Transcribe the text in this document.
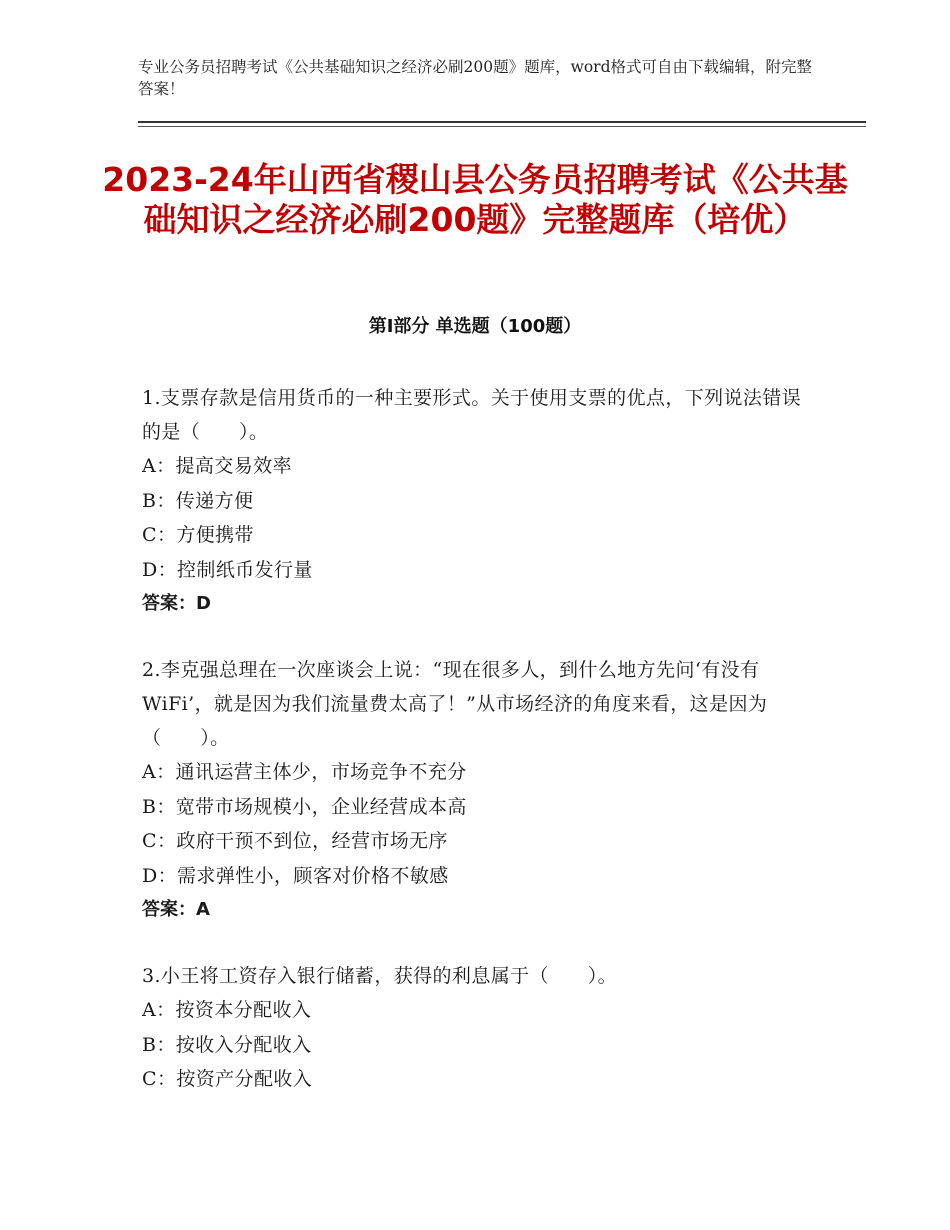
专业公务员招聘考试《公共基础知识之经济必刷200题》题库，word格式可自由下载编辑，附完整答案！
2023-24年山西省稷山县公务员招聘考试《公共基础知识之经济必刷200题》完整题库（培优）
第Ⅰ部分 单选题（100题）
1.支票存款是信用货币的一种主要形式。关于使用支票的优点，下列说法错误的是（　　）。
A：提高交易效率
B：传递方便
C：方便携带
D：控制纸币发行量
答案：D
2.李克强总理在一次座谈会上说：“现在很多人，到什么地方先问‘有没有WiFi’，就是因为我们流量费太高了！”从市场经济的角度来看，这是因为（　　）。
A：通讯运营主体少，市场竞争不充分
B：宽带市场规模小，企业经营成本高
C：政府干预不到位，经营市场无序
D：需求弹性小，顾客对价格不敏感
答案：A
3.小王将工资存入银行储蓄，获得的利息属于（　　）。
A：按资本分配收入
B：按收入分配收入
C：按资产分配收入
